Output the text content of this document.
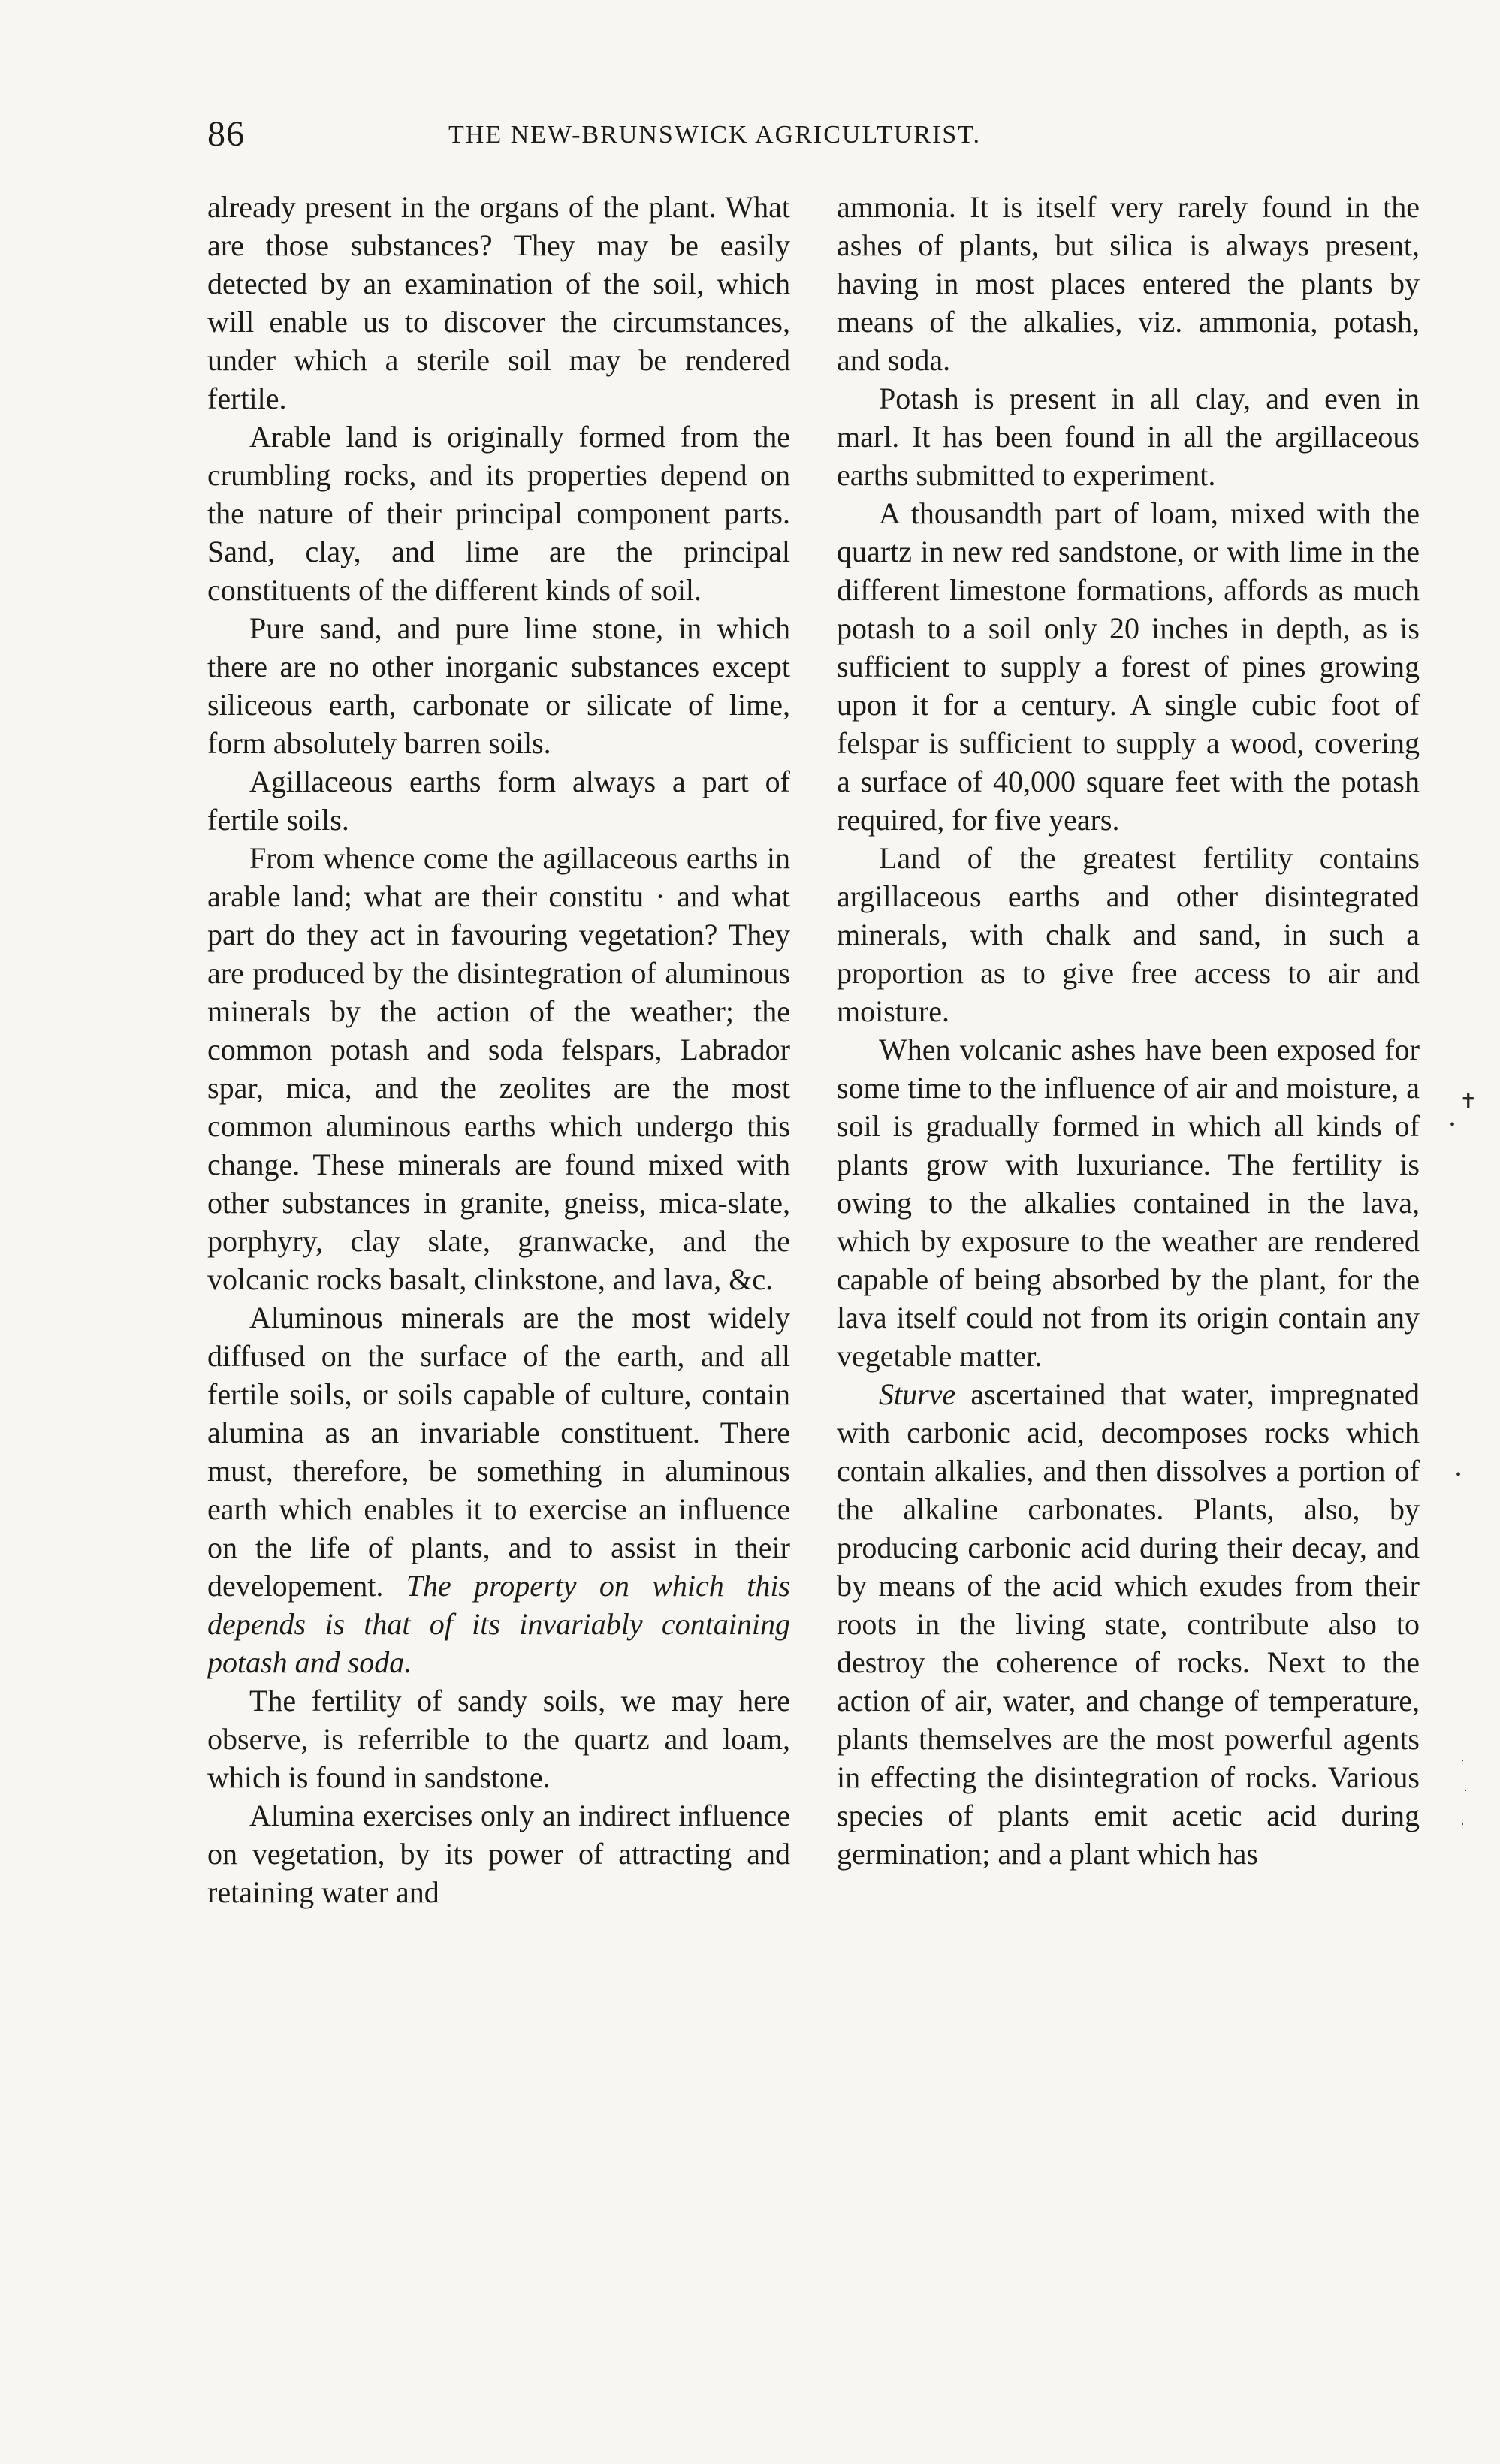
86	THE NEW-BRUNSWICK AGRICULTURIST.

already present in the organs of the plant. What are those substances? They may be easily detected by an examination of the soil, which will enable us to discover the circumstances, under which a sterile soil may be rendered fertile.

Arable land is originally formed from the crumbling rocks, and its properties depend on the nature of their principal component parts. Sand, clay, and lime are the principal constituents of the different kinds of soil.

Pure sand, and pure lime stone, in which there are no other inorganic substances except siliceous earth, carbonate or silicate of lime, form absolutely barren soils.

Agillaceous earths form always a part of fertile soils.

From whence come the agillaceous earths in arable land; what are their constitu · and what part do they act in favouring vegetation? They are produced by the disintegration of aluminous minerals by the action of the weather; the common potash and soda felspars, Labrador spar, mica, and the zeolites are the most common aluminous earths which undergo this change. These minerals are found mixed with other substances in granite, gneiss, mica-slate, porphyry, clay slate, granwacke, and the volcanic rocks basalt, clinkstone, and lava, &c.

Aluminous minerals are the most widely diffused on the surface of the earth, and all fertile soils, or soils capable of culture, contain alumina as an invariable constituent. There must, therefore, be something in aluminous earth which enables it to exercise an influence on the life of plants, and to assist in their developement. The property on which this depends is that of its invariably containing potash and soda.

The fertility of sandy soils, we may here observe, is referrible to the quartz and loam, which is found in sandstone.

Alumina exercises only an indirect influence on vegetation, by its power of attracting and retaining water and

ammonia. It is itself very rarely found in the ashes of plants, but silica is always present, having in most places entered the plants by means of the alkalies, viz. ammonia, potash, and soda.

Potash is present in all clay, and even in marl. It has been found in all the argillaceous earths submitted to experiment.

A thousandth part of loam, mixed with the quartz in new red sandstone, or with lime in the different limestone formations, affords as much potash to a soil only 20 inches in depth, as is sufficient to supply a forest of pines growing upon it for a century. A single cubic foot of felspar is sufficient to supply a wood, covering a surface of 40,000 square feet with the potash required, for five years.

Land of the greatest fertility contains argillaceous earths and other disintegrated minerals, with chalk and sand, in such a proportion as to give free access to air and moisture.

When volcanic ashes have been exposed for some time to the influence of air and moisture, a soil is gradually formed in which all kinds of plants grow with luxuriance. The fertility is owing to the alkalies contained in the lava, which by exposure to the weather are rendered capable of being absorbed by the plant, for the lava itself could not from its origin contain any vegetable matter.

Sturve ascertained that water, impregnated with carbonic acid, decomposes rocks which contain alkalies, and then dissolves a portion of the alkaline carbonates. Plants, also, by producing carbonic acid during their decay, and by means of the acid which exudes from their roots in the living state, contribute also to destroy the coherence of rocks. Next to the action of air, water, and change of temperature, plants themselves are the most powerful agents in effecting the disintegration of rocks. Various species of plants emit acetic acid during germination; and a plant which has

✝
•
•
·
·
·
